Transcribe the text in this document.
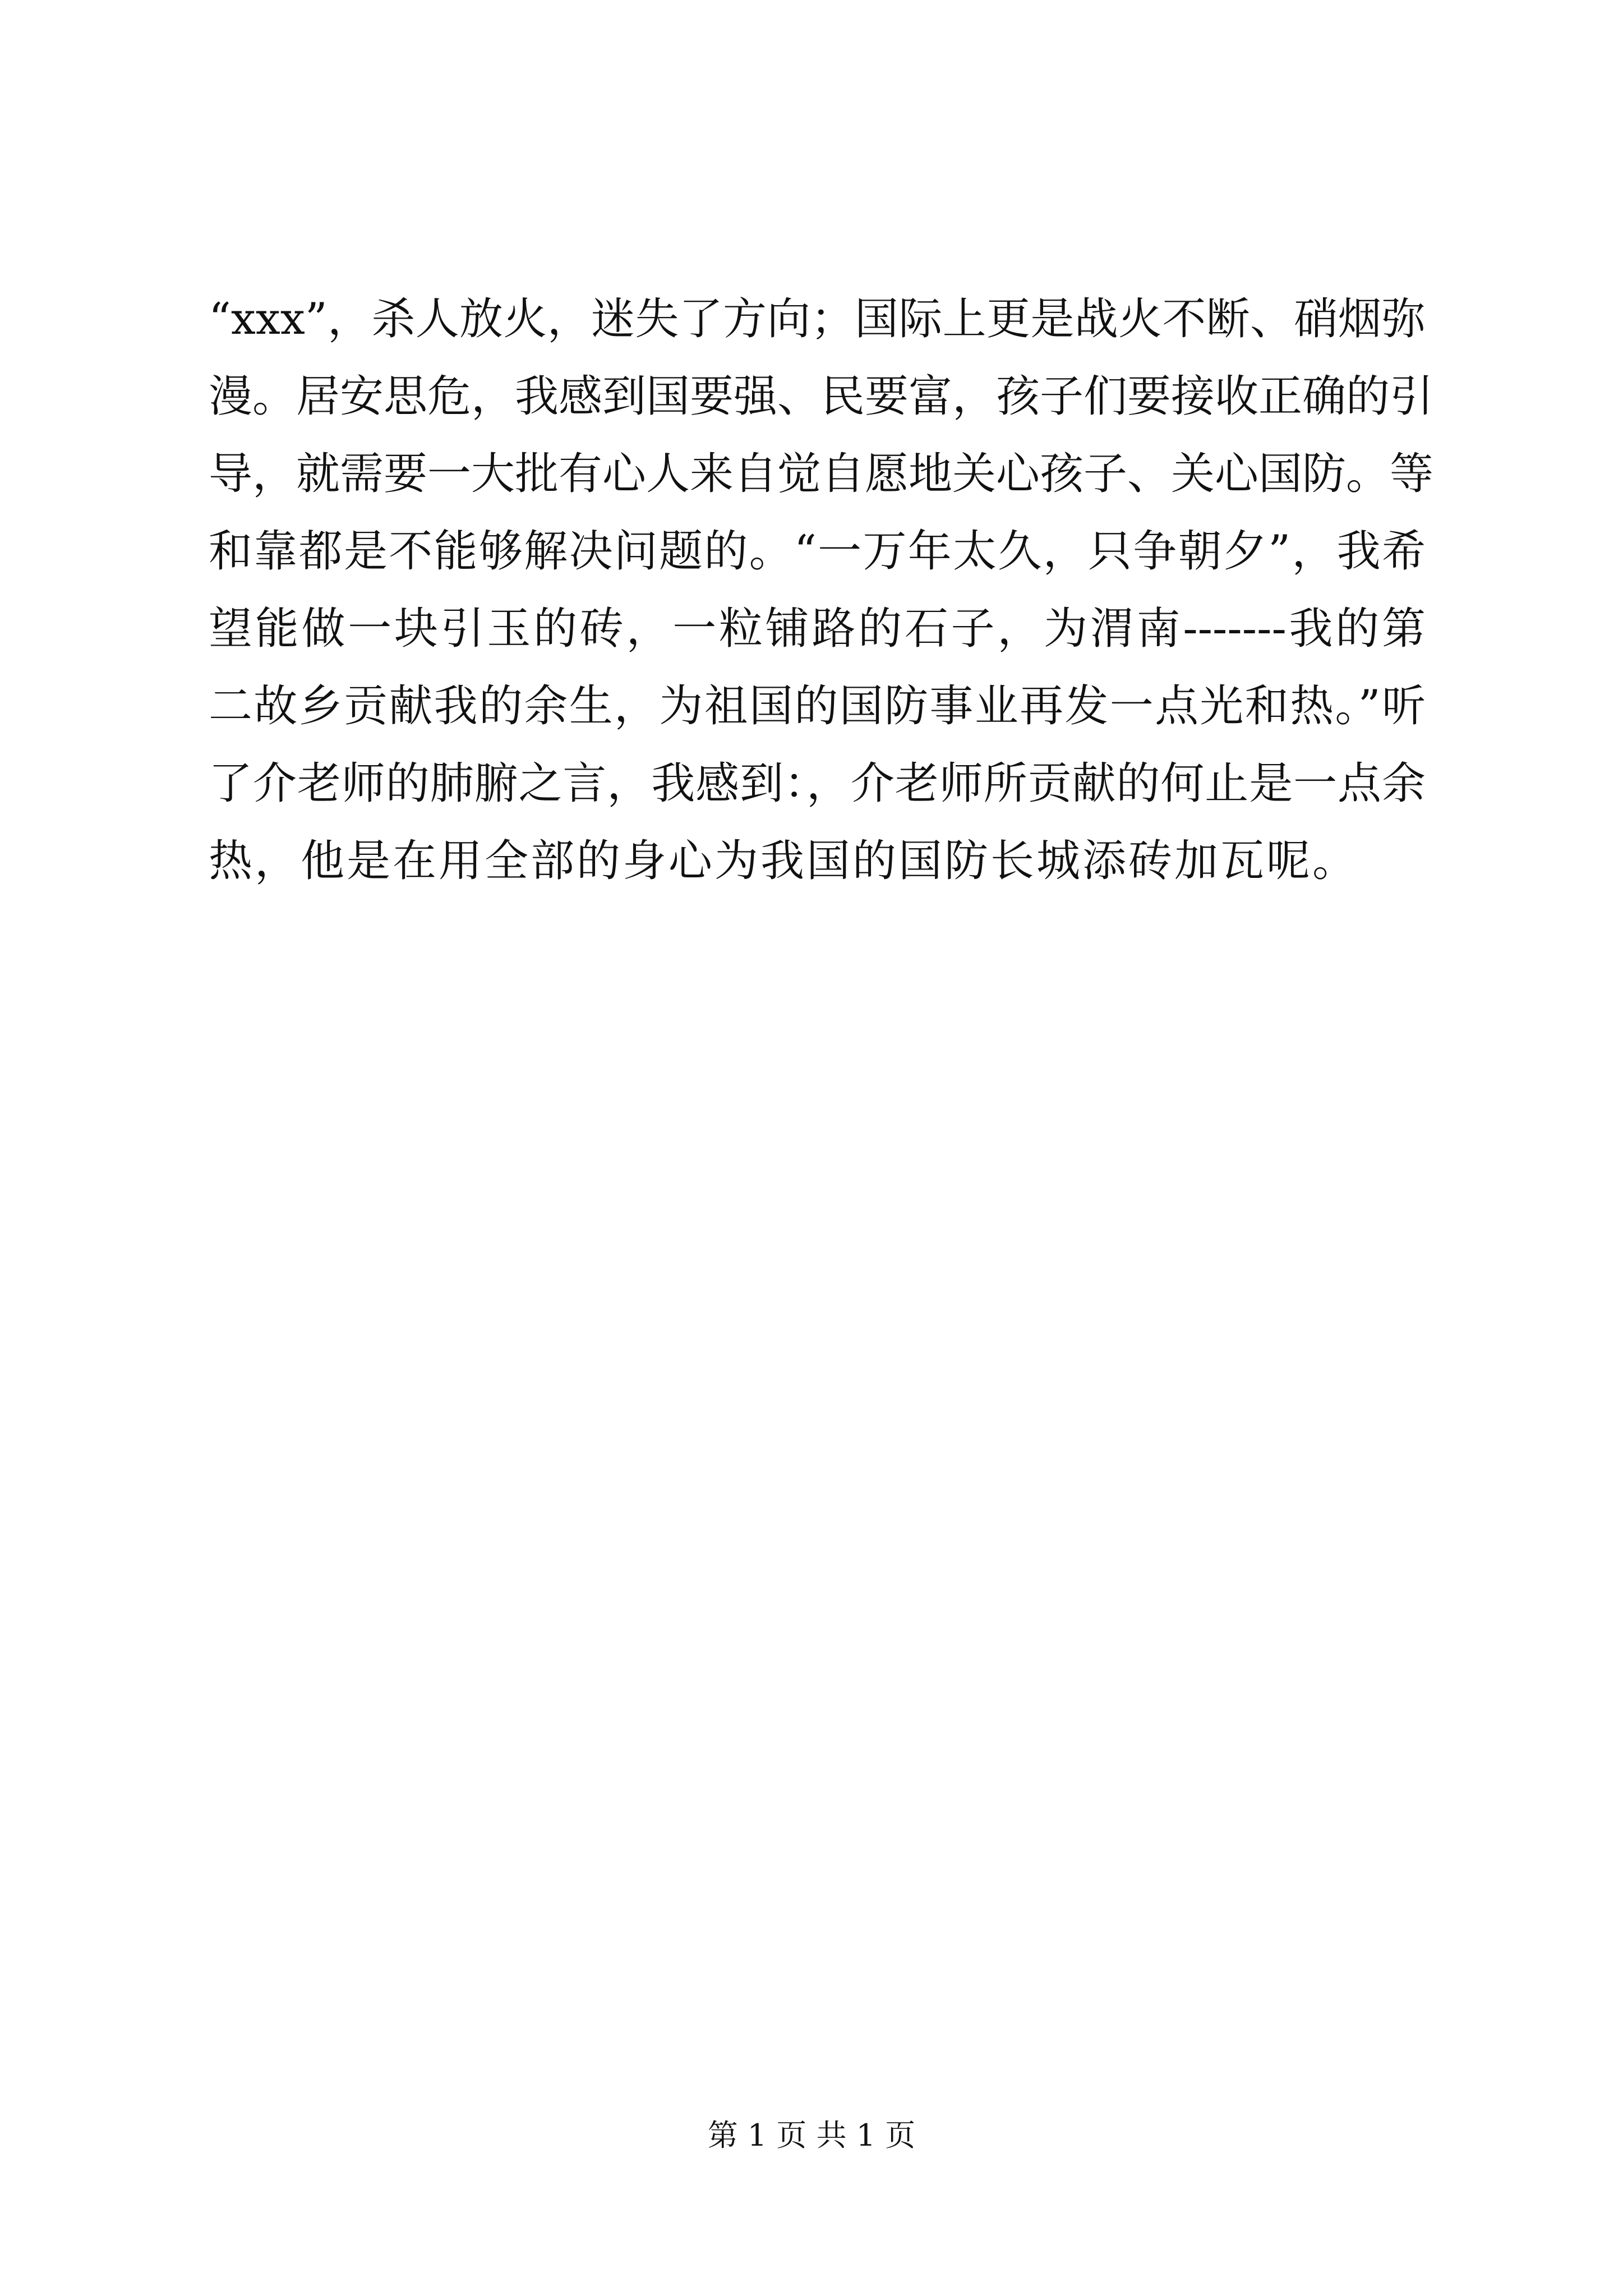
“xxx”，杀人放火，迷失了方向；国际上更是战火不断、硝烟弥
漫。居安思危，我感到国要强、民要富，孩子们要接收正确的引
导，就需要一大批有心人来自觉自愿地关心孩子、关心国防。等
和靠都是不能够解决问题的。“一万年太久，只争朝夕”，我希
望能做一块引玉的砖，一粒铺路的石子，为渭南-------我的第
二故乡贡献我的余生，为祖国的国防事业再发一点光和热。”听
了介老师的肺腑之言，我感到：，介老师所贡献的何止是一点余
热，他是在用全部的身心为我国的国防长城添砖加瓦呢。
第 1 页 共 1 页
